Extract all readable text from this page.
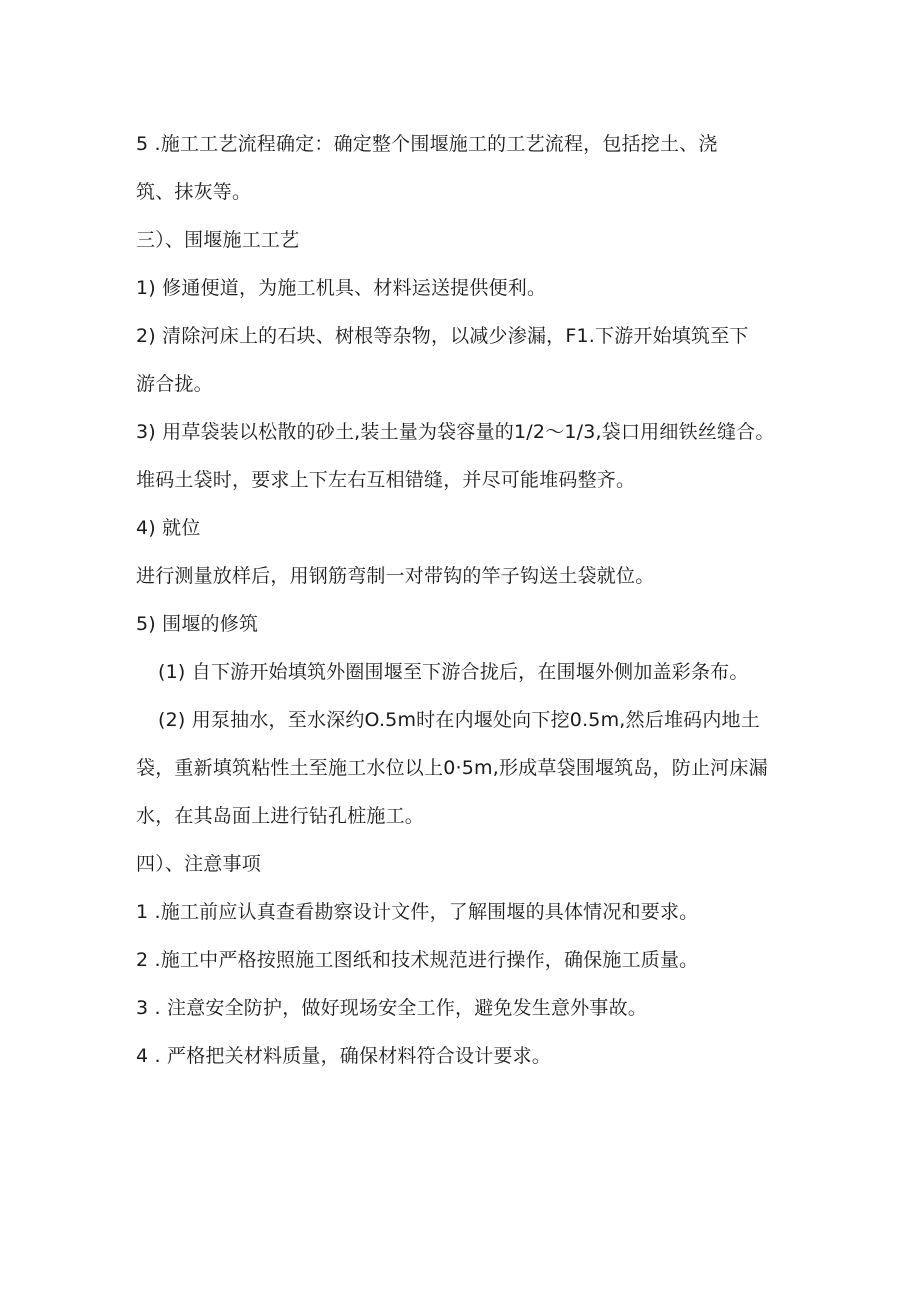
5 .施工工艺流程确定：确定整个围堰施工的工艺流程，包括挖土、浇
筑、抹灰等。
三）、围堰施工工艺
1) 修通便道，为施工机具、材料运送提供便利。
2) 清除河床上的石块、树根等杂物，以减少渗漏，F1.下游开始填筑至下
游合拢。
3) 用草袋装以松散的砂土,装土量为袋容量的1/2〜1/3,袋口用细铁丝缝合。
堆码土袋时，要求上下左右互相错缝，并尽可能堆码整齐。
4) 就位
进行测量放样后，用钢筋弯制一对带钩的竿子钩送土袋就位。
5) 围堰的修筑
(1) 自下游开始填筑外圈围堰至下游合拢后，在围堰外侧加盖彩条布。
(2) 用泵抽水，至水深约O.5m时在内堰处向下挖0.5m,然后堆码内地土
袋，重新填筑粘性土至施工水位以上0·5m,形成草袋围堰筑岛，防止河床漏
水，在其岛面上进行钻孔桩施工。
四）、注意事项
1 .施工前应认真查看勘察设计文件，了解围堰的具体情况和要求。
2 .施工中严格按照施工图纸和技术规范进行操作，确保施工质量。
3 . 注意安全防护，做好现场安全工作，避免发生意外事故。
4 . 严格把关材料质量，确保材料符合设计要求。
